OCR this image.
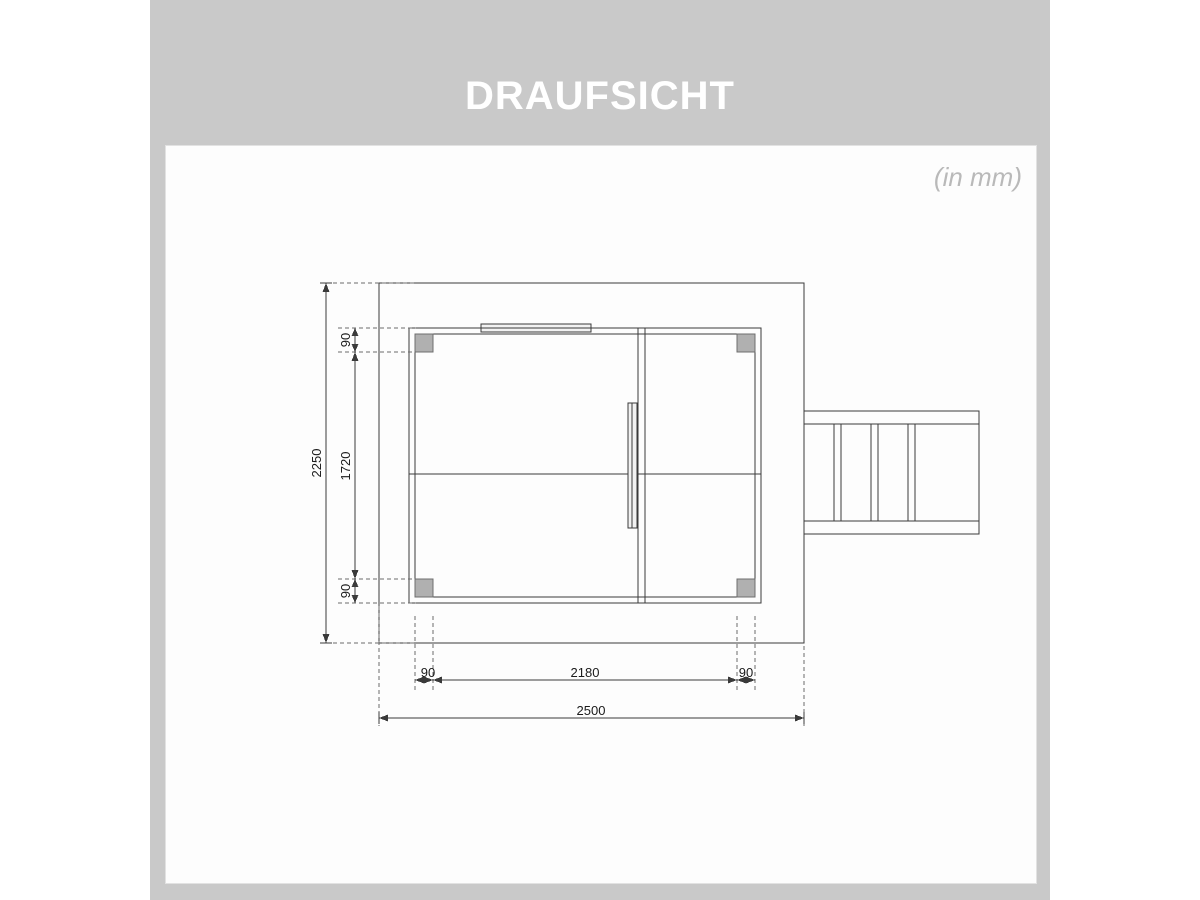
DRAUFSICHT
(in mm)
2250
90
1720
90
90	2180	90
2500
